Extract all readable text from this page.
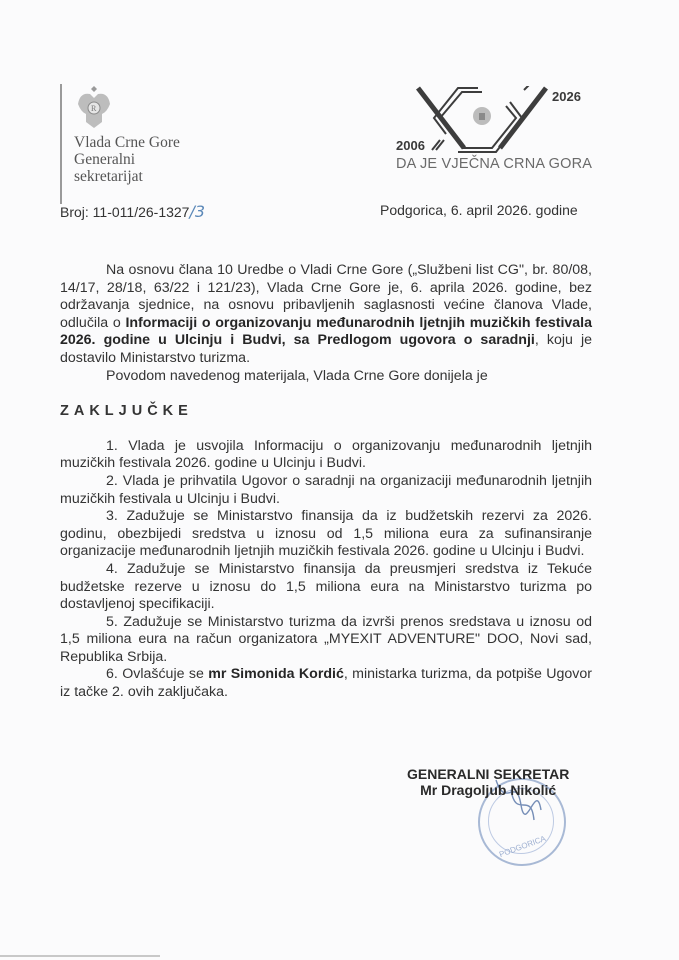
R
Vlada Crne Gore
Generalni
sekretarijat
2026
2006
DA JE VJEČNA CRNA GORA
Broj: 11-011/26-1327/3	Podgorica, 6. april 2026. godine

Na osnovu člana 10 Uredbe o Vladi Crne Gore („Službeni list CG", br. 80/08, 14/17, 28/18, 63/22 i 121/23), Vlada Crne Gore je, 6. aprila 2026. godine, bez održavanja sjednice, na osnovu pribavljenih saglasnosti većine članova Vlade, odlučila o Informaciji o organizovanju međunarodnih ljetnjih muzičkih festivala 2026. godine u Ulcinju i Budvi, sa Predlogom ugovora o saradnji, koju je dostavilo Ministarstvo turizma.

Povodom navedenog materijala, Vlada Crne Gore donijela je

ZAKLJUČKE

1. Vlada je usvojila Informaciju o organizovanju međunarodnih ljetnjih muzičkih festivala 2026. godine u Ulcinju i Budvi.

2. Vlada je prihvatila Ugovor o saradnji na organizaciji međunarodnih ljetnjih muzičkih festivala u Ulcinju i Budvi.

3. Zadužuje se Ministarstvo finansija da iz budžetskih rezervi za 2026. godinu, obezbijedi sredstva u iznosu od 1,5 miliona eura za sufinansiranje organizacije međunarodnih ljetnjih muzičkih festivala 2026. godine u Ulcinju i Budvi.

4. Zadužuje se Ministarstvo finansija da preusmjeri sredstva iz Tekuće budžetske rezerve u iznosu do 1,5 miliona eura na Ministarstvo turizma po dostavljenoj specifikaciji.

5. Zadužuje se Ministarstvo turizma da izvrši prenos sredstava u iznosu od 1,5 miliona eura na račun organizatora „MYEXIT ADVENTURE" DOO, Novi sad, Republika Srbija.

6. Ovlašćuje se mr Simonida Kordić, ministarka turizma, da potpiše Ugovor iz tačke 2. ovih zaključaka.

PODGORICA
GENERALNI SEKRETAR
Mr Dragoljub Nikolić
